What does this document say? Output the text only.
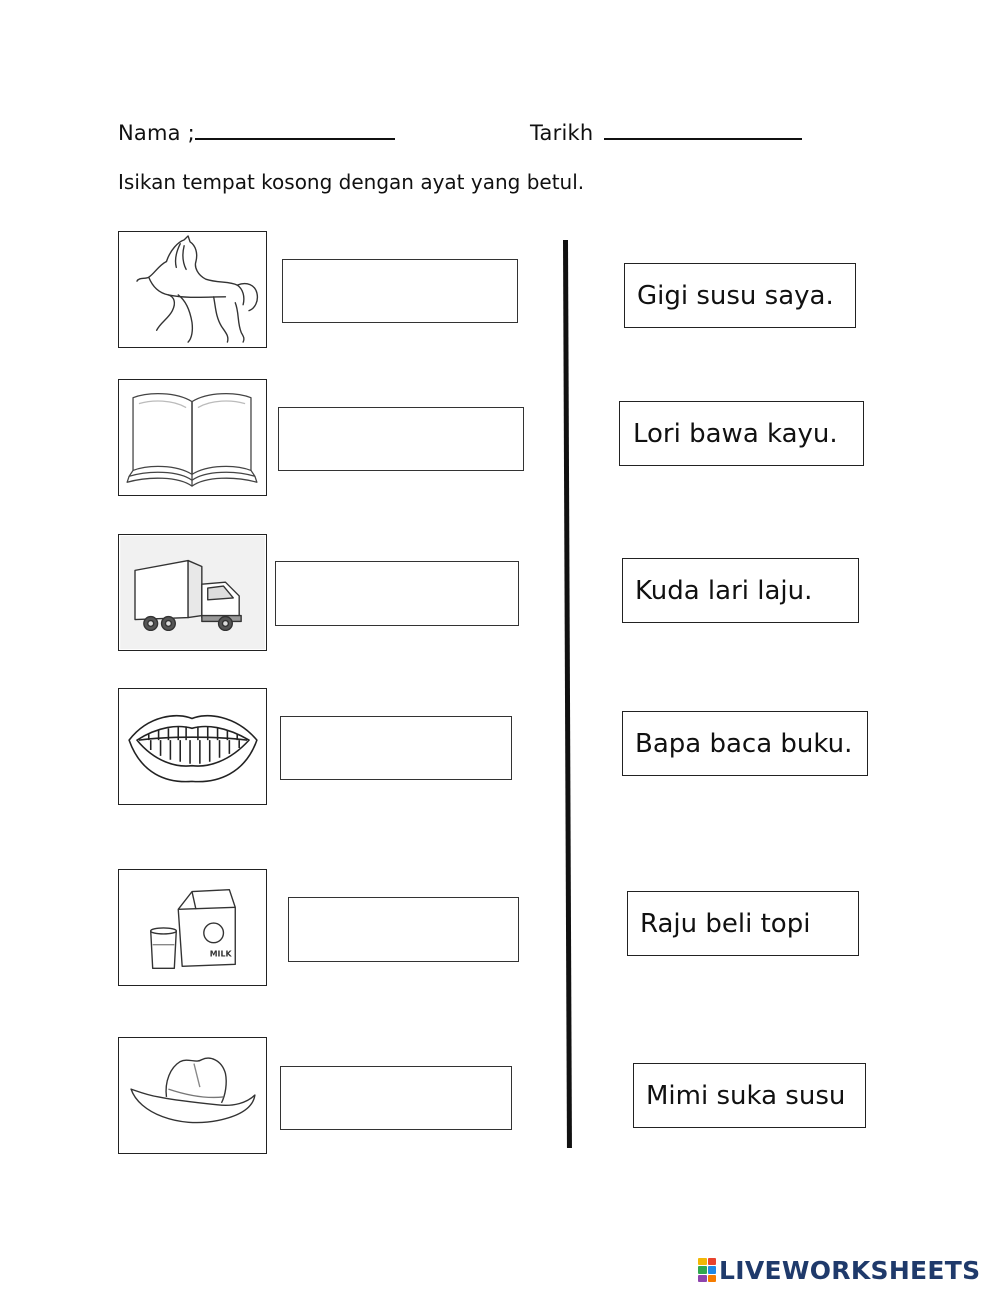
Nama ;	Tarikh
Isikan tempat kosong dengan ayat yang betul.
MILK
Gigi susu saya.
Lori bawa kayu.
Kuda lari laju.
Bapa baca buku.
Raju beli topi
Mimi suka susu
LIVEWORKSHEETS
